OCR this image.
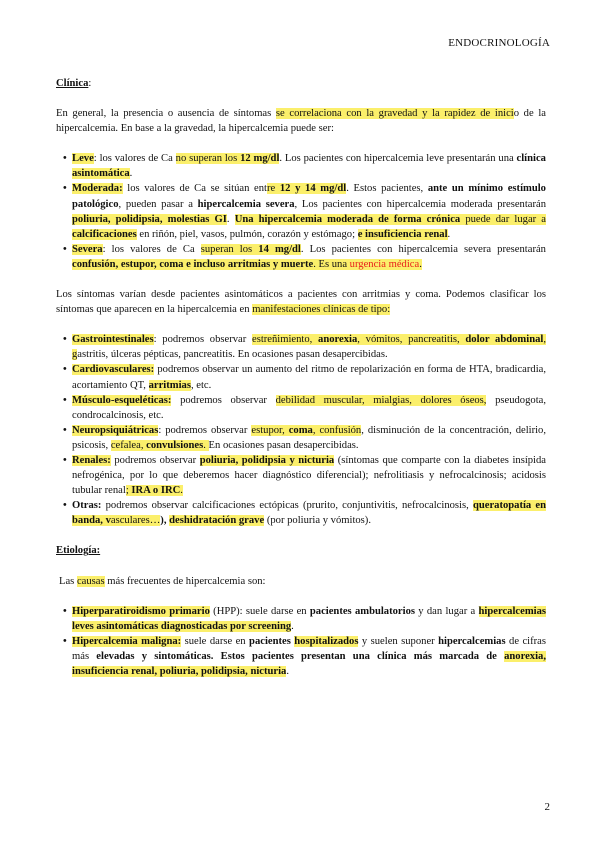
ENDOCRINOLOGÍA

Clínica:

En general, la presencia o ausencia de síntomas se correlaciona con la gravedad y la rapidez de inicio de la hipercalcemia. En base a la gravedad, la hipercalcemia puede ser:

• Leve: los valores de Ca no superan los 12 mg/dl. Los pacientes con hipercalcemia leve presentarán una clínica asintomática.
• Moderada: los valores de Ca se sitúan entre 12 y 14 mg/dl. Estos pacientes, ante un mínimo estímulo patológico, pueden pasar a hipercalcemia severa, Los pacientes con hipercalcemia moderada presentarán poliuria, polidipsia, molestias GI. Una hipercalcemia moderada de forma crónica puede dar lugar a calcificaciones en riñón, piel, vasos, pulmón, corazón y estómago; e insuficiencia renal.
• Severa: los valores de Ca superan los 14 mg/dl. Los pacientes con hipercalcemia severa presentarán confusión, estupor, coma e incluso arritmias y muerte. Es una urgencia médica.

Los síntomas varían desde pacientes asintomáticos a pacientes con arritmias y coma. Podemos clasificar los síntomas que aparecen en la hipercalcemia en manifestaciones clínicas de tipo:

• Gastrointestinales: podremos observar estreñimiento, anorexia, vómitos, pancreatitis, dolor abdominal, gastritis, úlceras pépticas, pancreatitis. En ocasiones pasan desapercibidas.
• Cardiovasculares: podremos observar un aumento del ritmo de repolarización en forma de HTA, bradicardia, acortamiento QT, arritmias, etc.
• Músculo-esqueléticas: podremos observar debilidad muscular, mialgias, dolores óseos, pseudogota, condrocalcinosis, etc.
• Neuropsiquiátricas: podremos observar estupor, coma, confusión, disminución de la concentración, delirio, psicosis, cefalea, convulsiones. En ocasiones pasan desapercibidas.
• Renales: podremos observar poliuria, polidipsia y nicturia (síntomas que comparte con la diabetes insípida nefrogénica, por lo que deberemos hacer diagnóstico diferencial); nefrolitiasis y nefrocalcinosis; acidosis tubular renal; IRA o IRC.
• Otras: podremos observar calcificaciones ectópicas (prurito, conjuntivitis, nefrocalcinosis, queratopatía en banda, vasculares…), deshidratación grave (por poliuria y vómitos).

Etiología:

Las causas más frecuentes de hipercalcemia son:

• Hiperparatiroidismo primario (HPP): suele darse en pacientes ambulatorios y dan lugar a hipercalcemias leves asintomáticas diagnosticadas por screening.
• Hipercalcemia maligna: suele darse en pacientes hospitalizados y suelen suponer hipercalcemias de cifras más elevadas y sintomáticas. Estos pacientes presentan una clínica más marcada de anorexia, insuficiencia renal, poliuria, polidipsia, nicturia.
2
